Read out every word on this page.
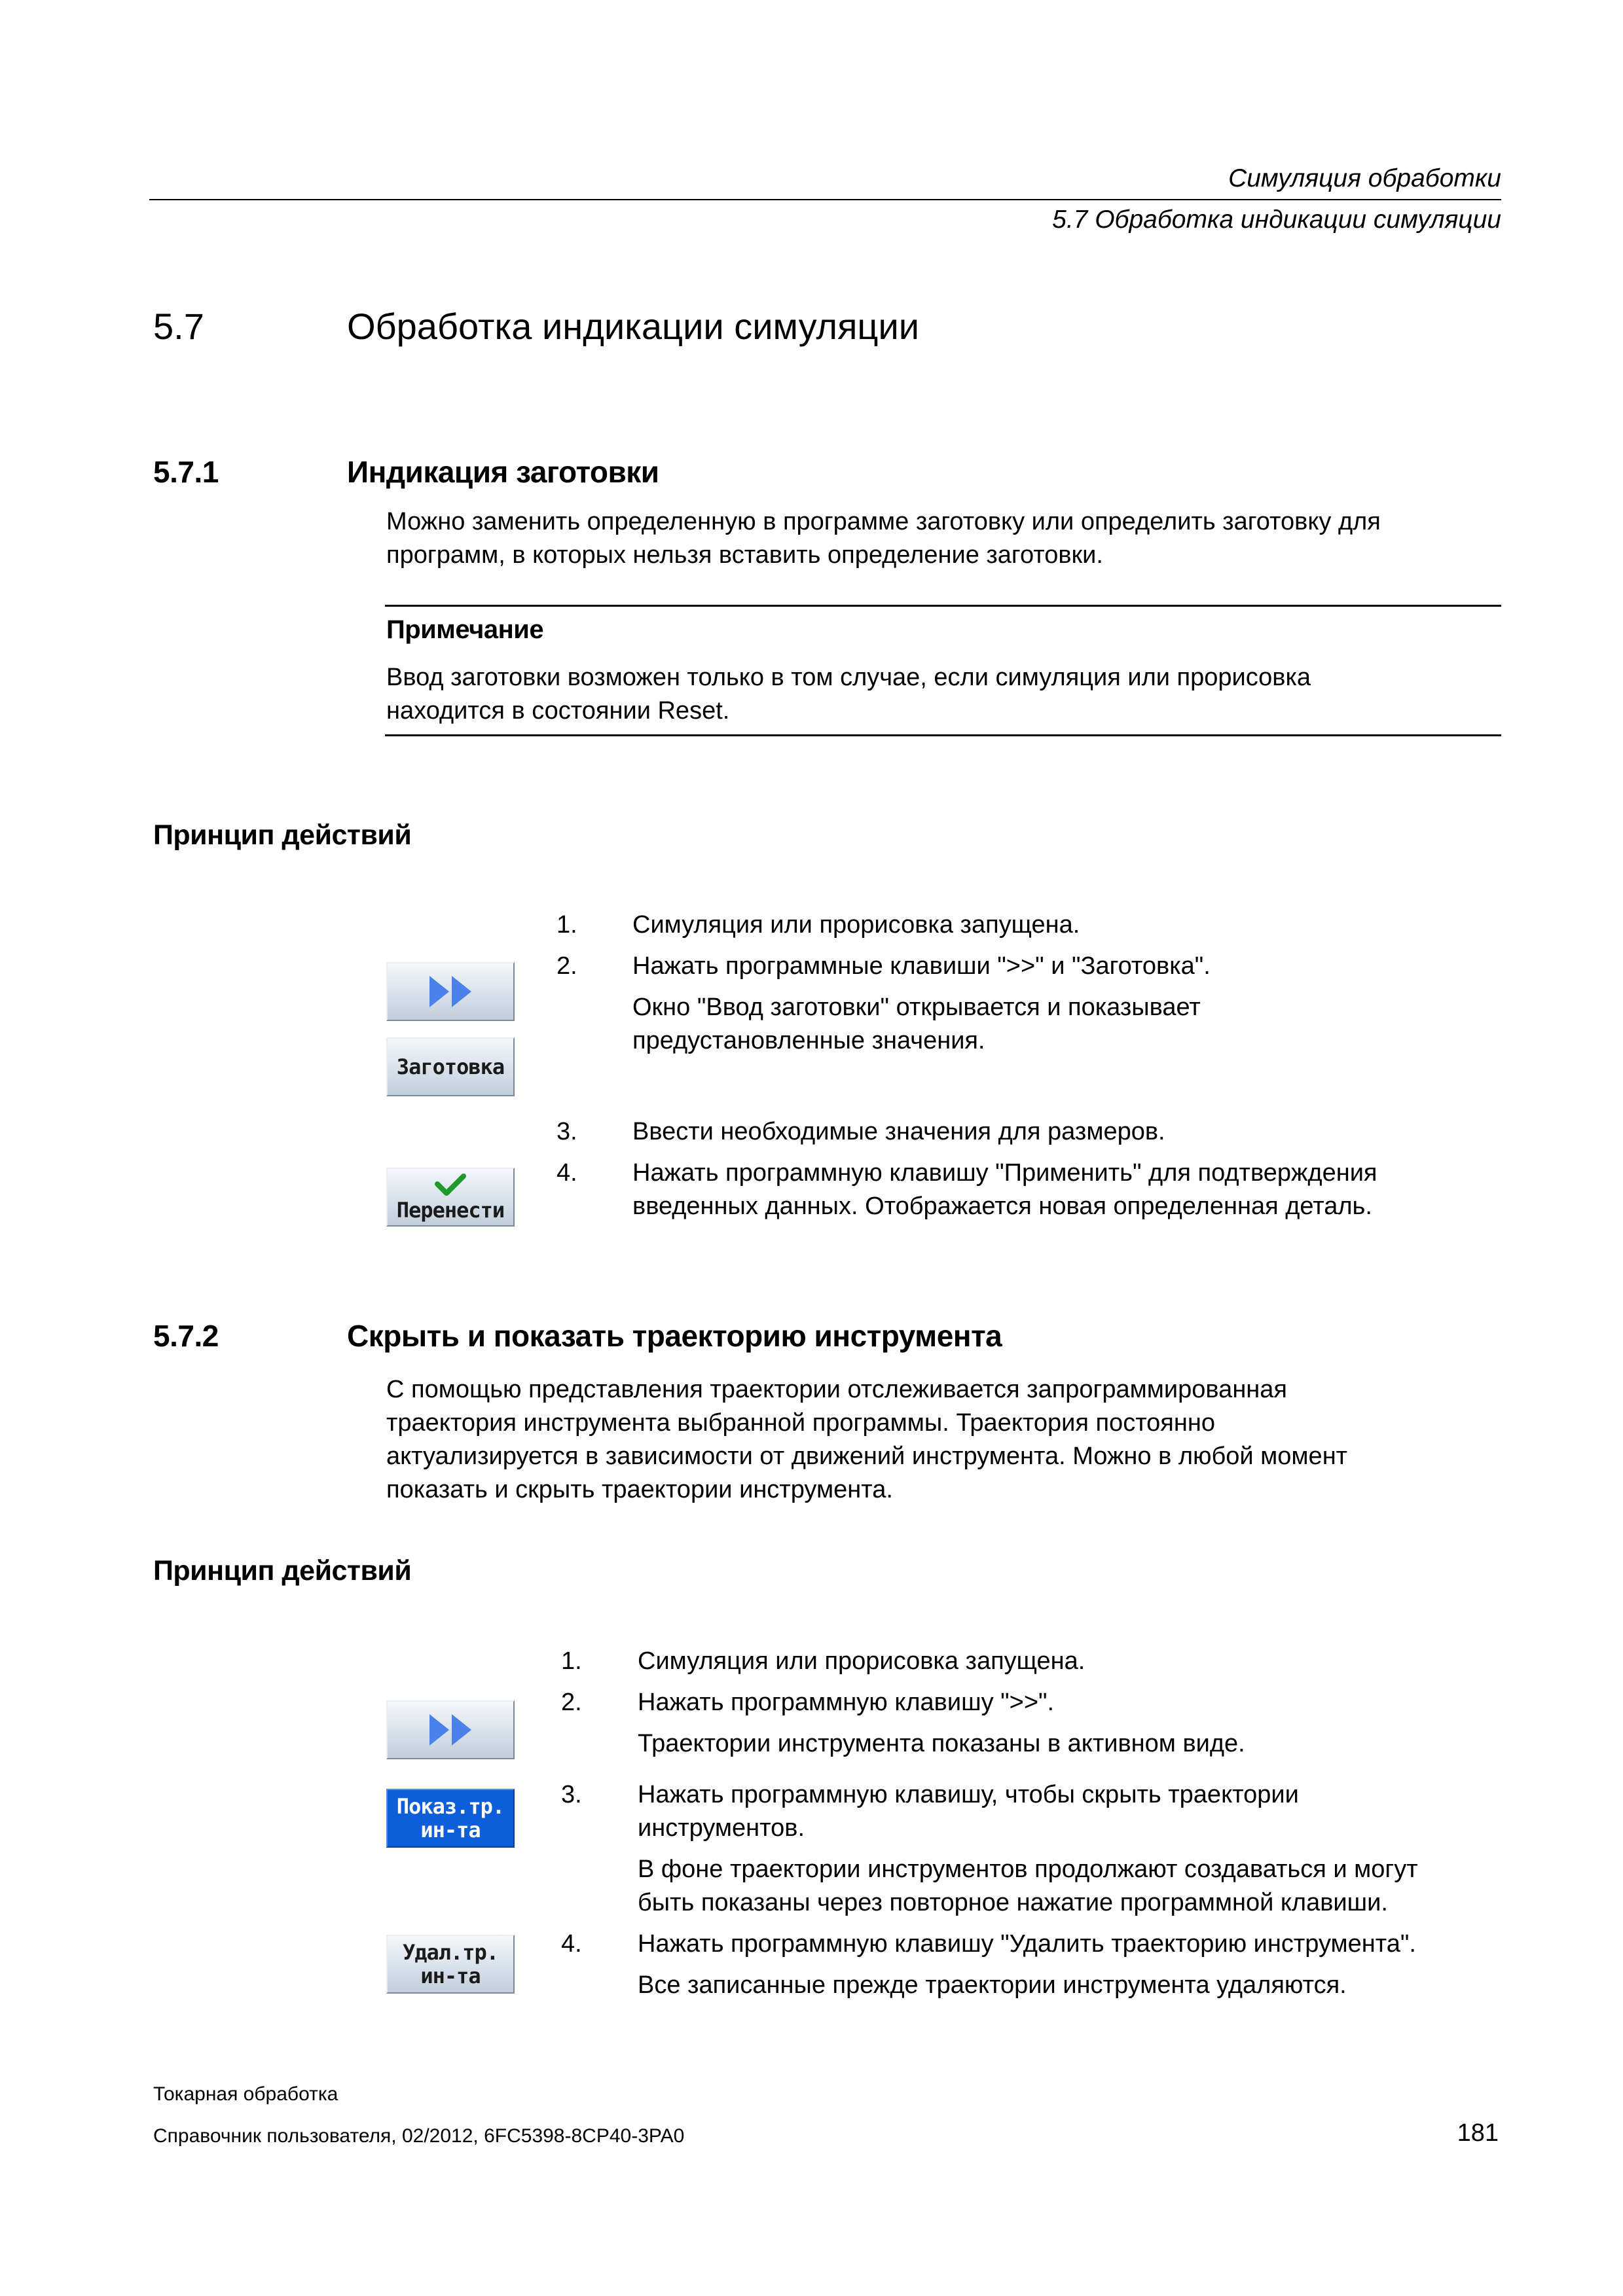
Симуляция обработки
5.7 Обработка индикации симуляции
5.7	Обработка индикации симуляции
5.7.1	Индикация заготовки

Можно заменить определенную в программе заготовку или определить заготовку для

программ, в которых нельзя вставить определение заготовки.

Примечание

Ввод заготовки возможен только в том случае, если симуляция или прорисовка

находится в состоянии Reset.

Принцип действий
1. Симуляция или прорисовка запущена.
2. Нажать программные клавиши ">>" и "Заготовка".
Окно "Ввод заготовки" открывается и показывает
предустановленные значения.
3. Ввести необходимые значения для размеров.
4. Нажать программную клавишу "Применить" для подтверждения
введенных данных. Отображается новая определенная деталь.
Заготовка
Перенести
5.7.2	Скрыть и показать траекторию инструмента

С помощью представления траектории отслеживается запрограммированная

траектория инструмента выбранной программы. Траектория постоянно

актуализируется в зависимости от движений инструмента. Можно в любой момент

показать и скрыть траектории инструмента.

Принцип действий
1. Симуляция или прорисовка запущена.
2. Нажать программную клавишу ">>".
Траектории инструмента показаны в активном виде.
3. Нажать программную клавишу, чтобы скрыть траектории
инструментов.
В фоне траектории инструментов продолжают создаваться и могут
быть показаны через повторное нажатие программной клавиши.
4. Нажать программную клавишу "Удалить траекторию инструмента".
Все записанные прежде траектории инструмента удаляются.
Показ.тр.
ин-та
Удал.тр.
ин-та
Токарная обработка
Справочник пользователя, 02/2012, 6FC5398-8CP40-3PA0	181
